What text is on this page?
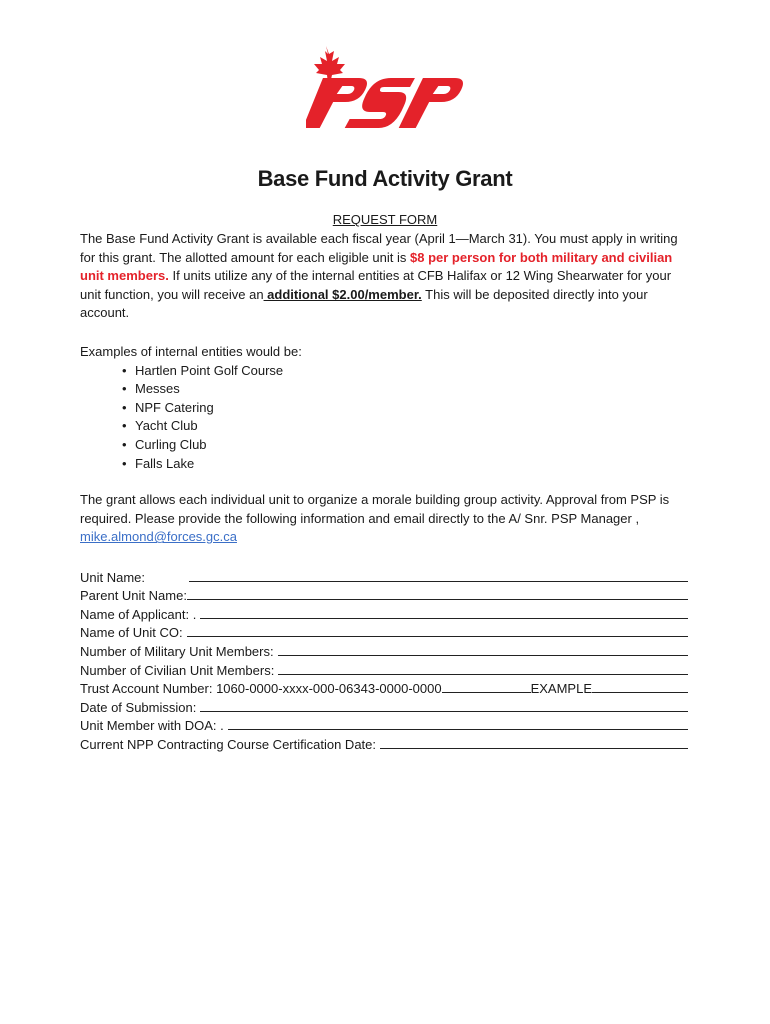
Base Fund Activity Grant
REQUEST FORM
The Base Fund Activity Grant is available each fiscal year (April 1—March 31). You must apply in writing for this grant. The allotted amount for each eligible unit is $8 per person for both military and civilian unit members. If units utilize any of the internal entities at CFB Halifax or 12 Wing Shearwater for your unit function, you will receive an additional $2.00/member. This will be deposited directly into your account.
Examples of internal entities would be:
• Hartlen Point Golf Course
• Messes
• NPF Catering
• Yacht Club
• Curling Club
• Falls Lake
The grant allows each individual unit to organize a morale building group activity. Approval from PSP is required. Please provide the following information and email directly to the A/ Snr. PSP Manager , mike.almond@forces.gc.ca
Unit Name:
Parent Unit Name:
Name of Applicant: .
Name of Unit CO:
Number of Military Unit Members:
Number of Civilian Unit Members:
Trust Account Number: 1060-0000-xxxx-000-06343-0000-0000	EXAMPLE
Date of Submission:
Unit Member with DOA: .
Current NPP Contracting Course Certification Date:
